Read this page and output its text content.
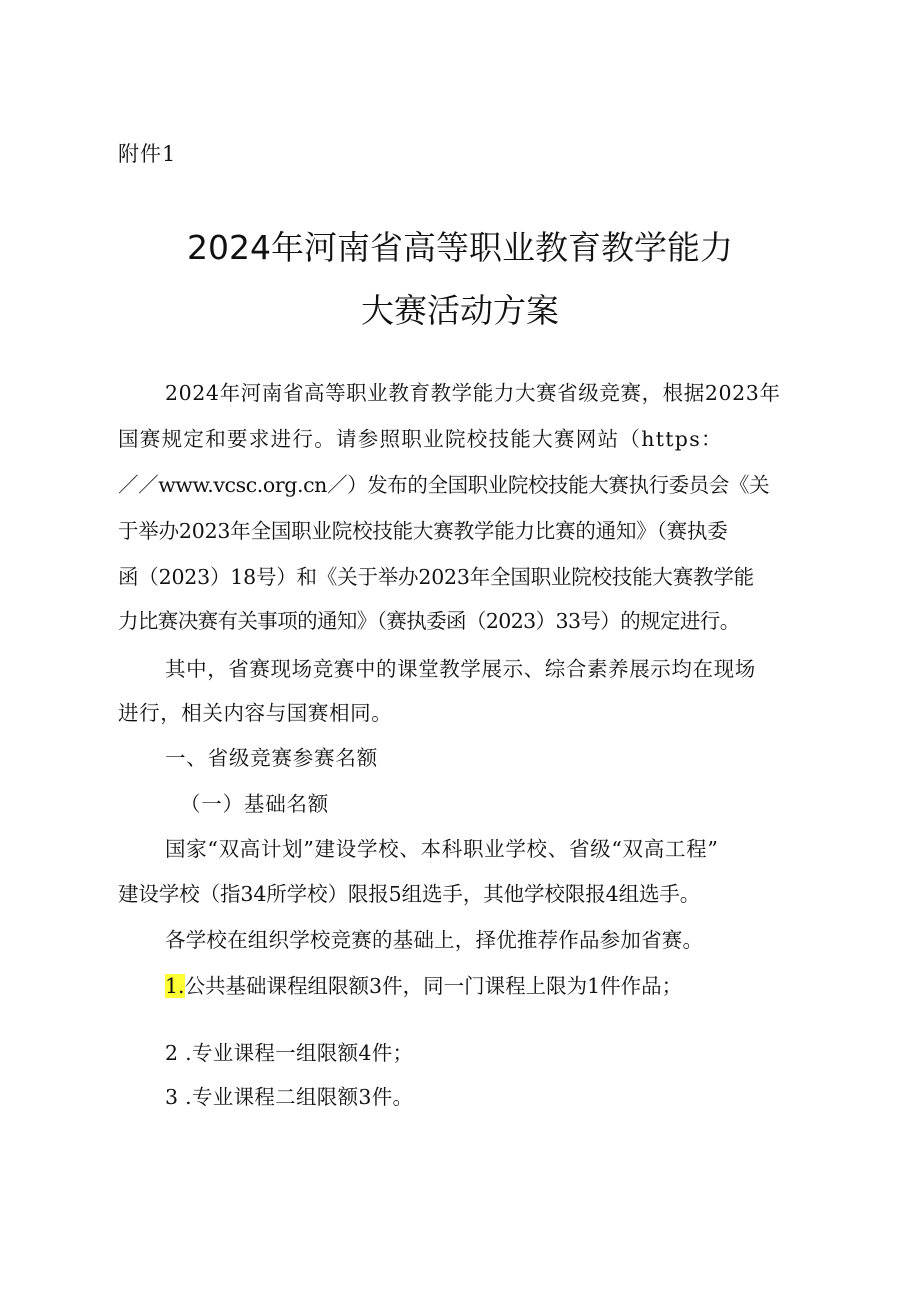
附件1
2024年河南省高等职业教育教学能力
大赛活动方案
2024年河南省高等职业教育教学能力大赛省级竞赛，根据2023年
国赛规定和要求进行。请参照职业院校技能大赛网站（https：
／／www.vcsc.org.cn／）发布的全国职业院校技能大赛执行委员会《关
于举办2023年全国职业院校技能大赛教学能力比赛的通知》（赛执委
函（2023）18号）和《关于举办2023年全国职业院校技能大赛教学能
力比赛决赛有关事项的通知》（赛执委函（2023）33号）的规定进行。
其中，省赛现场竞赛中的课堂教学展示、综合素养展示均在现场
进行，相关内容与国赛相同。
一、省级竞赛参赛名额
（一）基础名额
国家“双高计划”建设学校、本科职业学校、省级“双高工程”
建设学校（指34所学校）限报5组选手，其他学校限报4组选手。
各学校在组织学校竞赛的基础上，择优推荐作品参加省赛。
1.公共基础课程组限额3件，同一门课程上限为1件作品；
2 .专业课程一组限额4件；
3 .专业课程二组限额3件。
